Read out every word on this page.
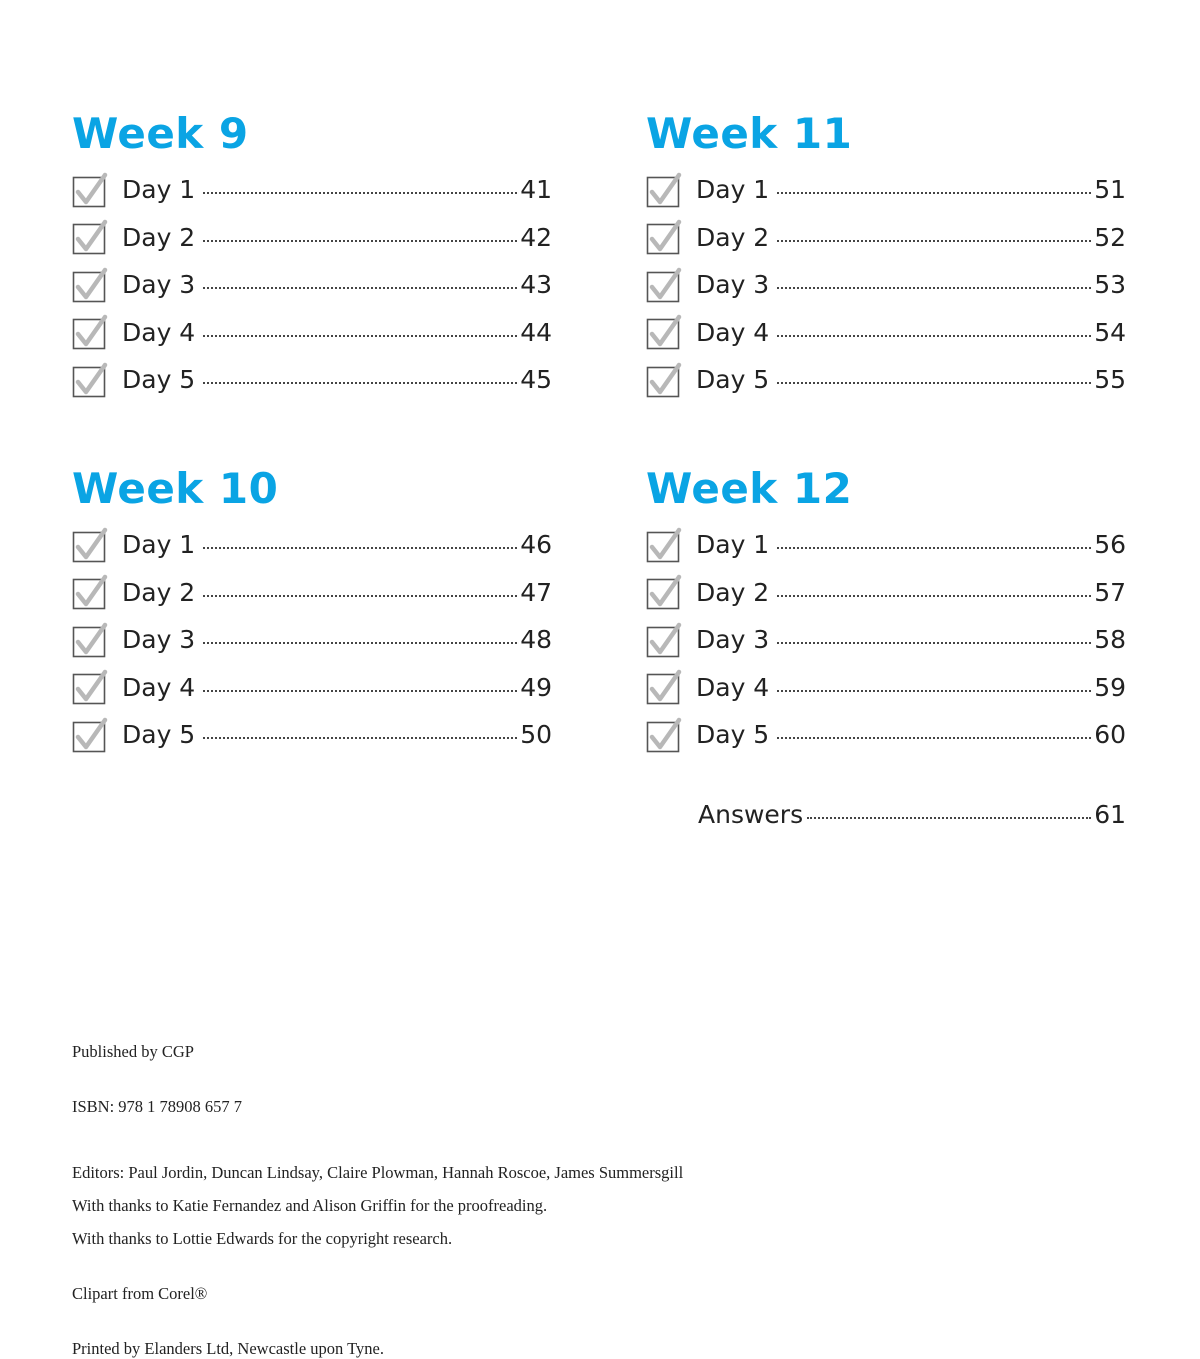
Week 9
Day 1	41
Day 2	42
Day 3	43
Day 4	44
Day 5	45
Week 11
Day 1	51
Day 2	52
Day 3	53
Day 4	54
Day 5	55
Week 10
Day 1	46
Day 2	47
Day 3	48
Day 4	49
Day 5	50
Week 12
Day 1	56
Day 2	57
Day 3	58
Day 4	59
Day 5	60
Answers	61

Published by CGP

ISBN: 978 1 78908 657 7

Editors: Paul Jordin, Duncan Lindsay, Claire Plowman, Hannah Roscoe, James Summersgill

With thanks to Katie Fernandez and Alison Griffin for the proofreading.

With thanks to Lottie Edwards for the copyright research.

Clipart from Corel®

Printed by Elanders Ltd, Newcastle upon Tyne.
